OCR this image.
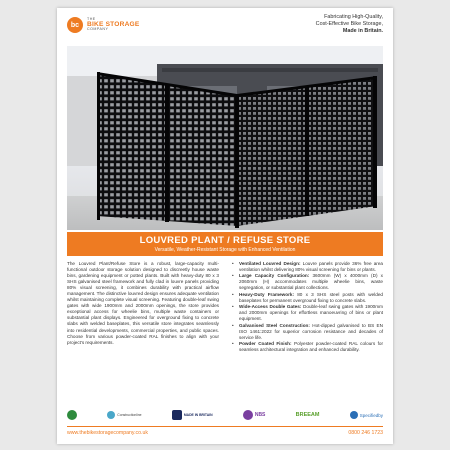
bc
THE
BIKE STORAGE
COMPANY
Fabricating High-Quality,
Cost-Effective Bike Storage,
Made in Britain.
LOUVRED PLANT / REFUSE STORE
Versatile, Weather-Resistant Storage with Enhanced Ventilation
The Louvred Plant/Refuse Store is a robust, large-capacity multi-functional outdoor storage solution designed to discreetly house waste bins, gardening equipment or potted plants. Built with heavy-duty 80 x 3 SHS galvanised steel framework and fully clad in louvre panels providing 80% visual screening, it combines durability with practical airflow management. The distinctive louvred design ensures adequate ventilation whilst maintaining complete visual screening. Featuring double-leaf swing gates with wide 1900mm and 2000mm openings, the store provides exceptional access for wheelie bins, multiple waste containers or substantial plant displays. Engineered for overground fixing to concrete slabs with welded baseplates, this versatile store integrates seamlessly into residential developments, commercial properties, and public spaces. Choose from various powder-coated RAL finishes to align with your project's requirements.
• Ventilated Louvred Design: Louvre panels provide 36% free area ventilation whilst delivering 80% visual screening for bins or plants.
• Large Capacity Configuration: 3600mm (W) x 4000mm (D) x 2060mm (H) accommodates multiple wheelie bins, waste segregation, or substantial plant collections.
• Heavy-Duty Framework: 80 x 3 SHS steel posts with welded baseplates for permanent overground fixing to concrete slabs.
• Wide-Access Double Gates: Double-leaf swing gates with 1900mm and 2000mm openings for effortless manoeuvring of bins or plant equipment.
• Galvanised Steel Construction: Hot-dipped galvanised to BS EN ISO 1461:2022 for superior corrosion resistance and decades of service life.
• Powder Coated Finish: Polyester powder-coated RAL colours for seamless architectural integration and enhanced durability.
Constructionline	MADE IN BRITAIN	NBS	BREEAM	Specifiedby
www.thebikestoragecompany.co.uk	0800 246 1723
